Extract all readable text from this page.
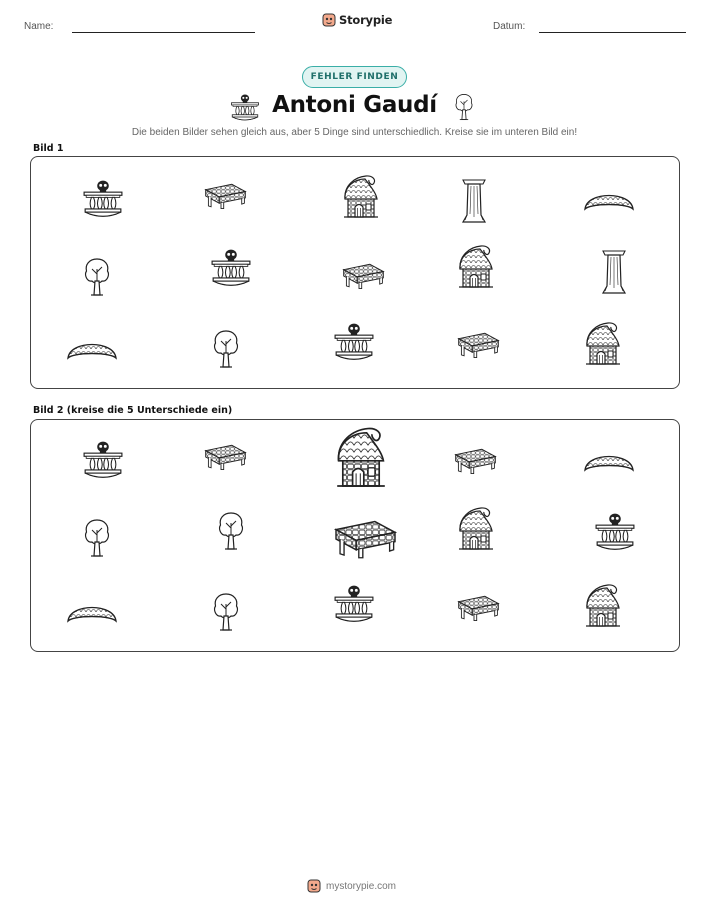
Name:	Storypie	Datum:
FEHLER FINDEN
Antoni Gaudí
Die beiden Bilder sehen gleich aus, aber 5 Dinge sind unterschiedlich. Kreise sie im unteren Bild ein!
Bild 1
Bild 2 (kreise die 5 Unterschiede ein)
mystorypie.com
